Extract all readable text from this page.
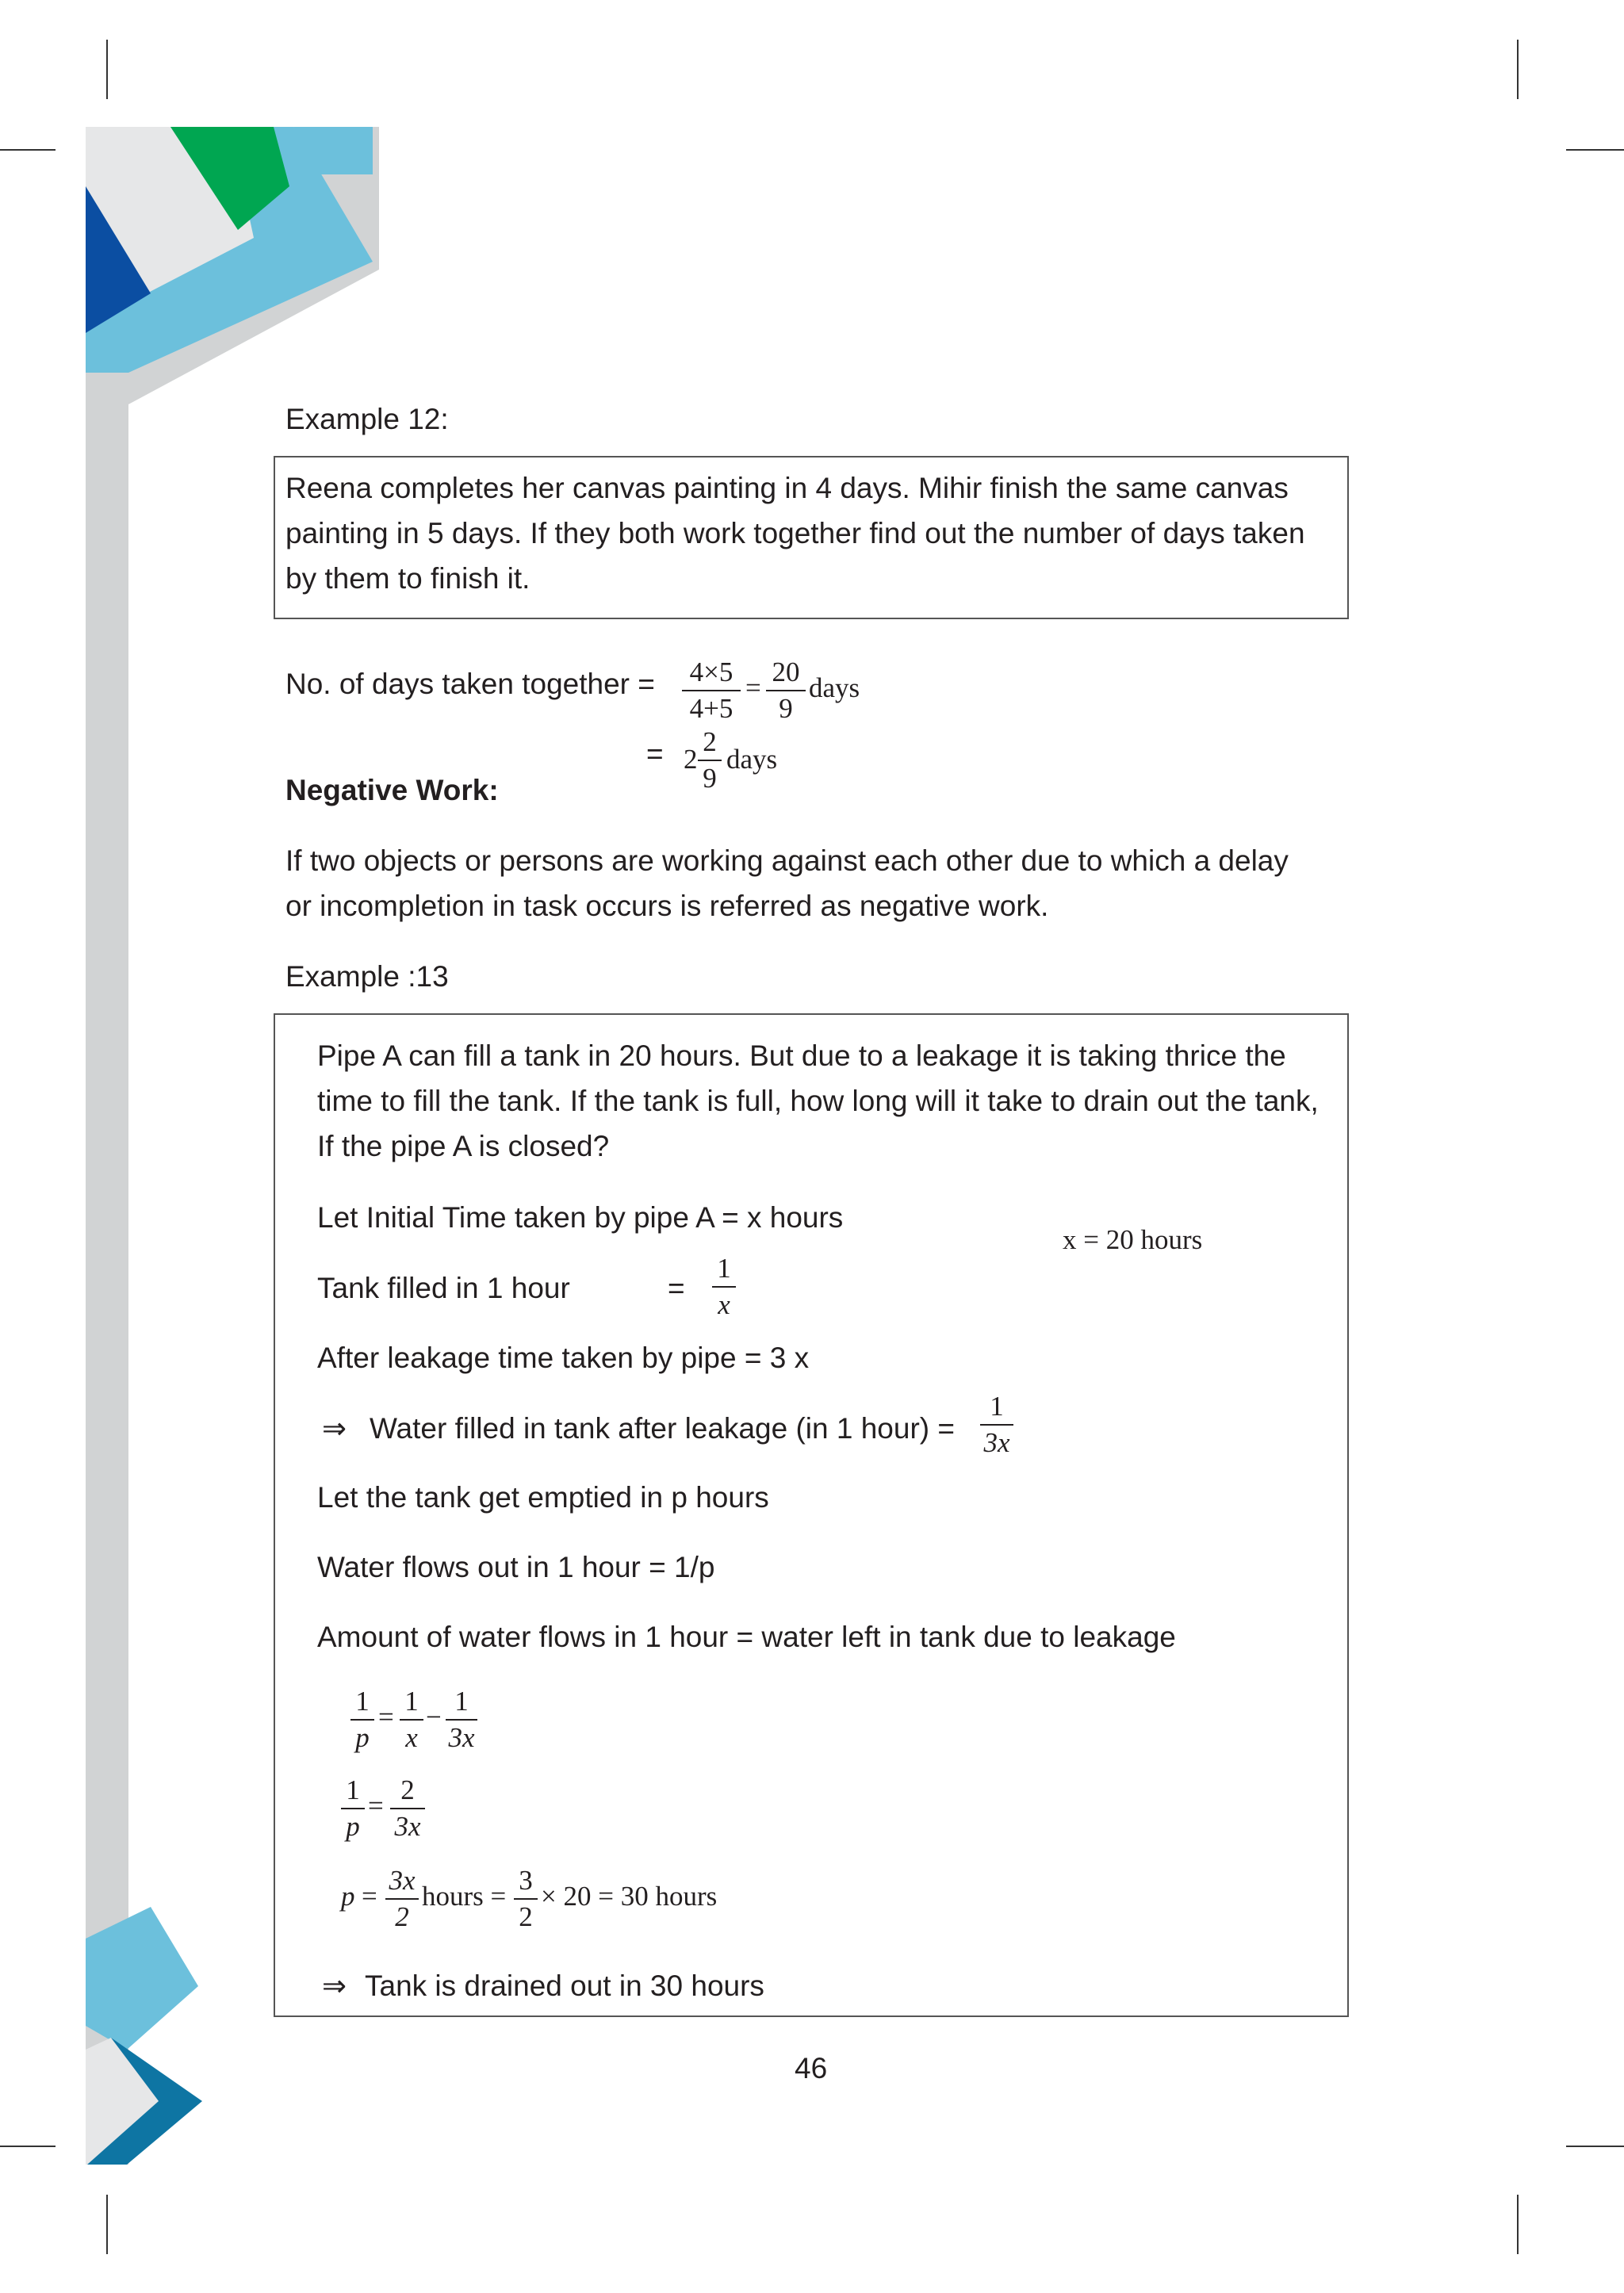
Example 12:
Reena completes her canvas painting in 4 days. Mihir finish the same canvas
painting in 5 days. If they both work together find out the number of days taken
by them to finish it.
No. of days taken together = 4×5
4+5
=
20
9
days
= 2
2
9
days
Negative Work:
If two objects or persons are working against each other due to which a delay
or incompletion in task occurs is referred as negative work.
Example :13
Pipe A can fill a tank in 20 hours. But due to a leakage it is taking thrice the
time to fill the tank. If the tank is full, how long will it take to drain out the tank,
If the pipe A is closed?
Let Initial Time taken by pipe A = x hours
x = 20 hours
Tank filled in 1 hour	=
1
x
After leakage time taken by pipe = 3 x
⇒ Water filled in tank after leakage (in 1 hour) =
1
3x
Let the tank get emptied in p hours
Water flows out in 1 hour = 1/p
Amount of water flows in 1 hour = water left in tank due to leakage
1
p
=
1
x
−
1
3x
1
p
=
2
3x
p =
3x
2
hours =
3
2
× 20 = 30 hours
⇒ Tank is drained out in 30 hours
46
